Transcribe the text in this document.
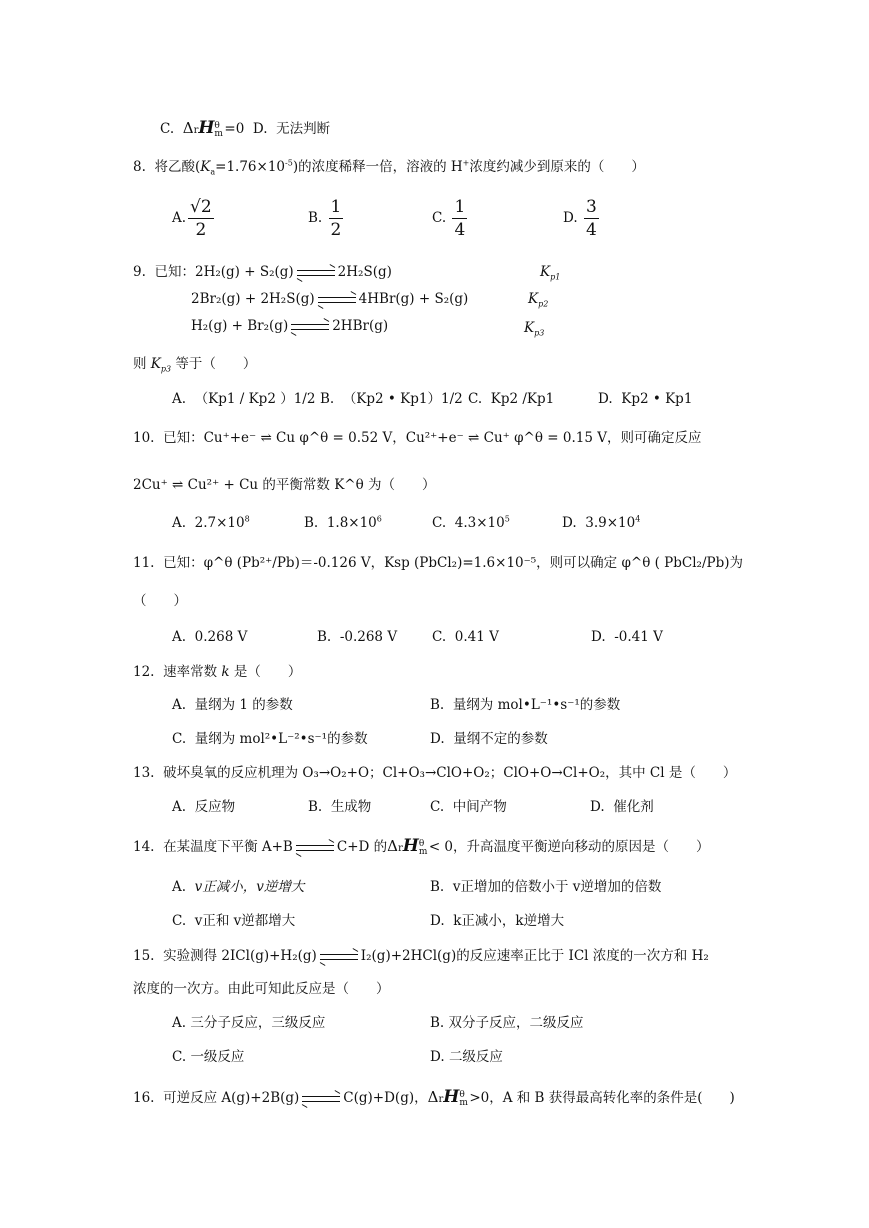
C. ΔrH θ
m =0 D. 无法判断
8. 将乙酸$(K_a=1.76\times 10^{-5})$的浓度稀释一倍，溶液的 H+浓度约减少到原来的（　　）
A. $\frac{√2}{2}$	B. $\frac{1}{2}$	C. $\frac{1}{4}$	D. $\frac{3}{4}$
9. 已知：2H₂(g) + S₂(g)	2H₂S(g)	$K_{p1}$
2Br₂(g) + 2H₂S(g)	4HBr(g) + S₂(g)	$K_{p2}$
H₂(g) + Br₂(g)	2HBr(g)	$K_{p3}$
则 $K_{p3}$ 等于（　　）
A. （Kp1 / Kp2 ）1/2 B. （Kp2 • Kp1）1/2 C. Kp2 /Kp1	D. Kp2 • Kp1
10. 已知：Cu⁺+e⁻ ⇌ Cu φ^θ = 0.52 V，Cu²⁺+e⁻ ⇌ Cu⁺ φ^θ = 0.15 V，则可确定反应
2Cu⁺ ⇌ Cu²⁺ + Cu 的平衡常数 K^θ 为（　　）
A. $2.7\times 10^8$	B. $1.8\times 10^6$	C. $4.3\times 10^5$	D. $3.9\times 10^4$
11. 已知：φ^θ (Pb²⁺/Pb)＝-0.126 V，Ksp (PbCl₂)=1.6×10⁻⁵，则可以确定 φ^θ ( PbCl₂/Pb)为
（　　）
A. 0.268 V	B. -0.268 V	C. 0.41 V	D. -0.41 V
12. 速率常数 k 是（　　）
A. 量纲为 1 的参数	B. 量纲为 mol•L⁻¹•s⁻¹的参数
C. 量纲为 mol²•L⁻²•s⁻¹的参数	D. 量纲不定的参数
13. 破坏臭氧的反应机理为 O₃→O₂+O；Cl+O₃→ClO+O₂；ClO+O→Cl+O₂，其中 Cl 是（　　）
A. 反应物	B. 生成物	C. 中间产物	D. 催化剂
14. 在某温度下平衡 A+B	C+D 的ΔrH θ
m < 0，升高温度平衡逆向移动的原因是（　　）
A. v正减小，v逆增大	B. v正增加的倍数小于 v逆增加的倍数
C. v正和 v逆都增大	D. k正减小，k逆增大
15. 实验测得 2ICl(g)+H₂(g)	I₂(g)+2HCl(g)的反应速率正比于 ICl 浓度的一次方和 H₂
浓度的一次方。由此可知此反应是（　　）
A. 三分子反应，三级反应	B. 双分子反应，二级反应
C. 一级反应	D. 二级反应
16. 可逆反应 A(g)+2B(g)	C(g)+D(g)，ΔrH θ
m >0，A 和 B 获得最高转化率的条件是(　　)
